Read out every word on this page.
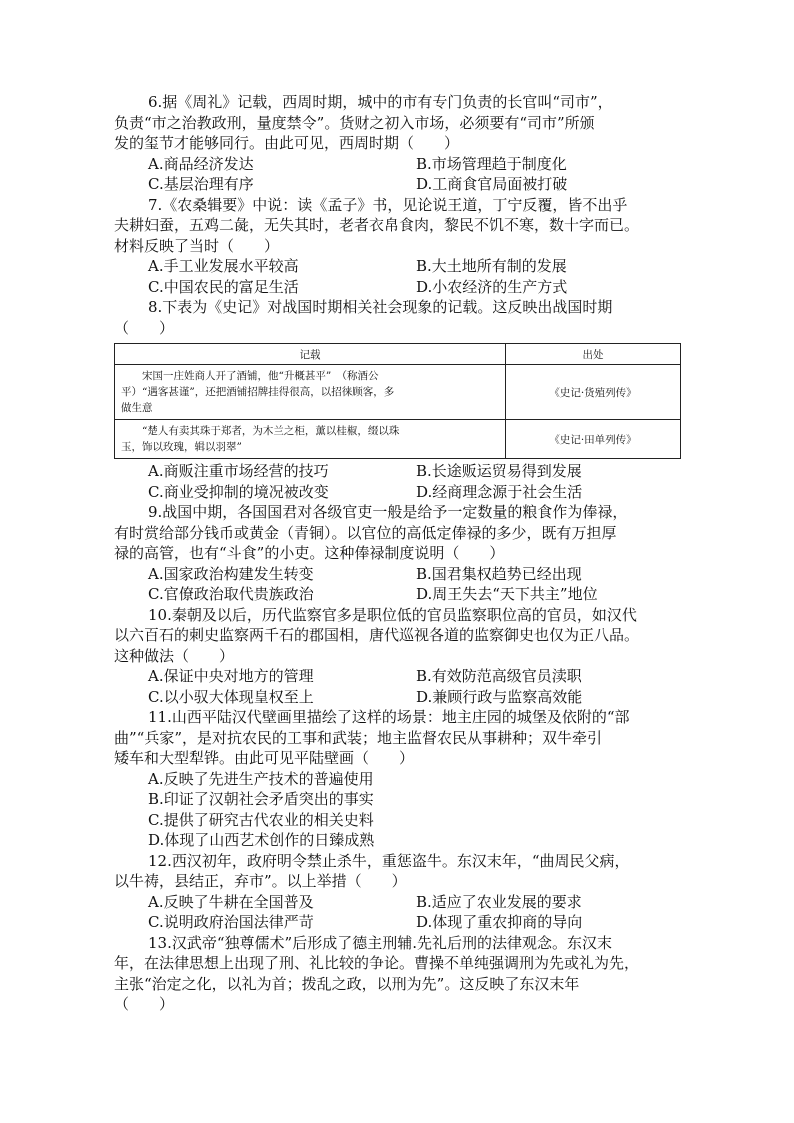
6.据《周礼》记载，西周时期，城中的市有专门负责的长官叫“司市”，
负责“市之治教政刑，量度禁令”。货财之初入市场，必须要有“司市”所颁
发的玺节才能够同行。由此可见，西周时期（　　）
A.商品经济发达	B.市场管理趋于制度化
C.基层治理有序	D.工商食官局面被打破
7.《农桑辑要》中说：读《孟子》书，见论说王道，丁宁反覆，皆不出乎
夫耕妇蚕，五鸡二彘，无失其时，老者衣帛食肉，黎民不饥不寒，数十字而已。
材料反映了当时（　　）
A.手工业发展水平较高	B.大土地所有制的发展
C.中国农民的富足生活	D.小农经济的生产方式
8.下表为《史记》对战国时期相关社会现象的记载。这反映出战国时期
（　　）
记载	出处

宋国一庄姓商人开了酒铺，他“升概甚平”　（称酒公
平）“遇客甚谨”，还把酒铺招牌挂得很高，以招徕顾客，多
做生意	《史记·货殖列传》

“楚人有卖其珠于郑者，为木兰之柜，薰以桂椒，缀以珠
玉，饰以玫瑰，辑以羽翠”	《史记·田单列传》
A.商贩注重市场经营的技巧	B.长途贩运贸易得到发展
C.商业受抑制的境况被改变	D.经商理念源于社会生活
9.战国中期，各国国君对各级官吏一般是给予一定数量的粮食作为俸禄，
有时赏给部分钱币或黄金（青铜）。以官位的高低定俸禄的多少，既有万担厚
禄的高管，也有“斗食”的小吏。这种俸禄制度说明（　　）
A.国家政治构建发生转变	B.国君集权趋势已经出现
C.官僚政治取代贵族政治	D.周王失去“天下共主”地位
10.秦朝及以后，历代监察官多是职位低的官员监察职位高的官员，如汉代
以六百石的刺史监察两千石的郡国相，唐代巡视各道的监察御史也仅为正八品。
这种做法（　　）
A.保证中央对地方的管理	B.有效防范高级官员渎职
C.以小驭大体现皇权至上	D.兼顾行政与监察高效能
11.山西平陆汉代壁画里描绘了这样的场景：地主庄园的城堡及依附的“部
曲”“兵家”，是对抗农民的工事和武装；地主监督农民从事耕种；双牛牵引
矮车和大型犁铧。由此可见平陆壁画（　　）
A.反映了先进生产技术的普遍使用
B.印证了汉朝社会矛盾突出的事实
C.提供了研究古代农业的相关史料
D.体现了山西艺术创作的日臻成熟
12.西汉初年，政府明令禁止杀牛，重惩盗牛。东汉末年，“曲周民父病，
以牛祷，县结正，弃市”。以上举措（　　）
A.反映了牛耕在全国普及	B.适应了农业发展的要求
C.说明政府治国法律严苛	D.体现了重农抑商的导向
13.汉武帝“独尊儒术”后形成了德主刑辅.先礼后刑的法律观念。东汉末
年，在法律思想上出现了刑、礼比较的争论。曹操不单纯强调刑为先或礼为先，
主张“治定之化，以礼为首；拨乱之政，以刑为先”。这反映了东汉末年
（　　）
